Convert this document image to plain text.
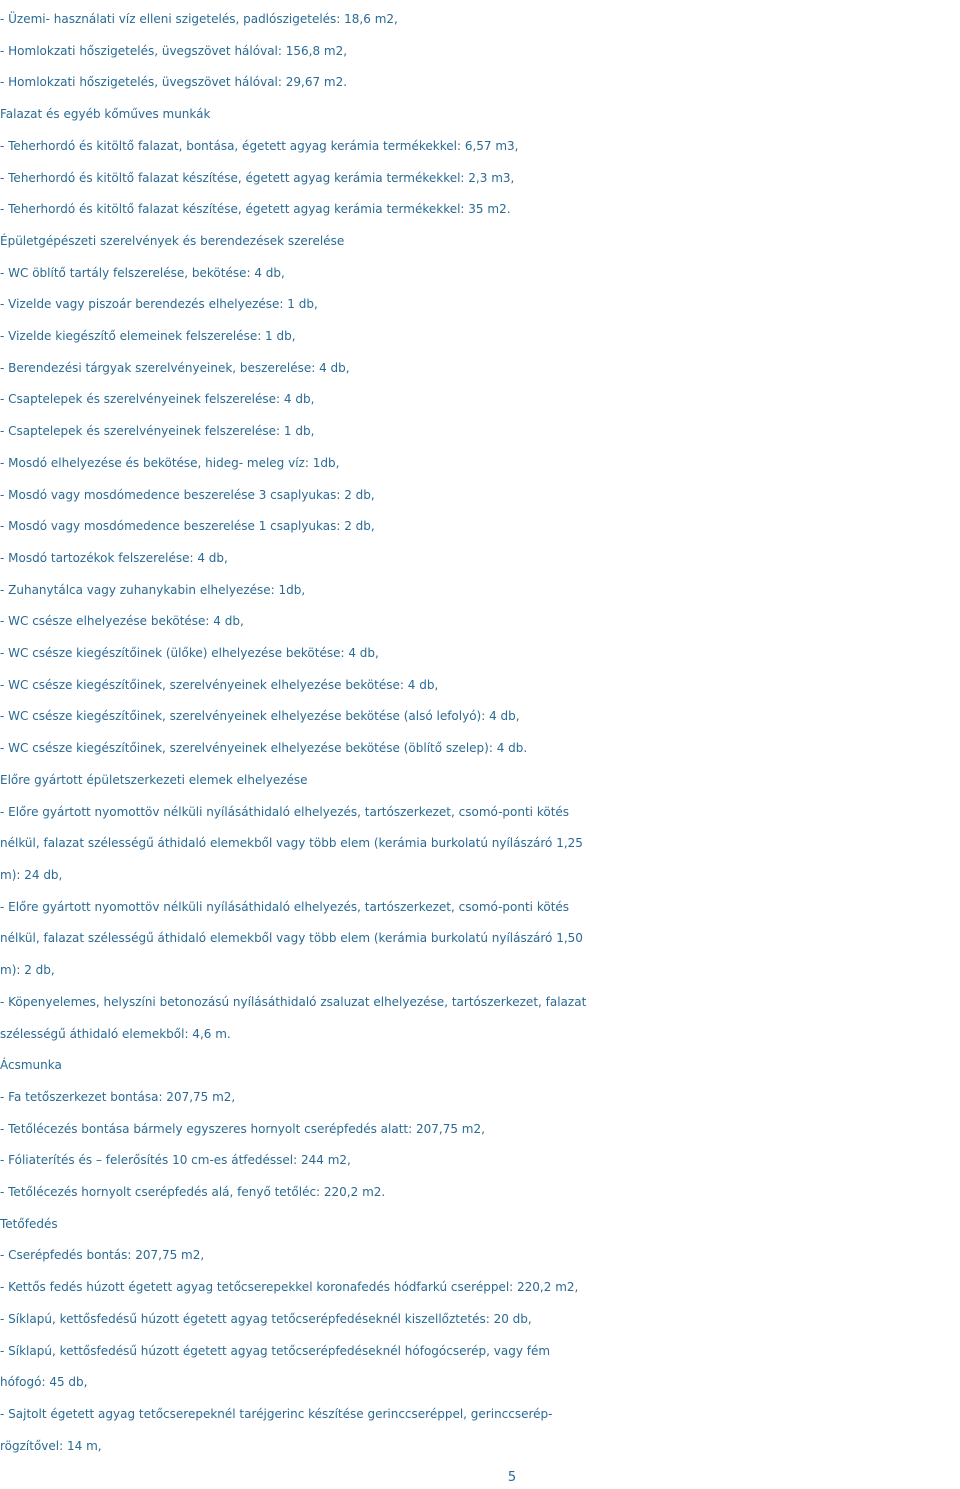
- Üzemi- használati víz elleni szigetelés, padlószigetelés: 18,6 m2,

- Homlokzati hőszigetelés, üvegszövet hálóval: 156,8 m2,

- Homlokzati hőszigetelés, üvegszövet hálóval: 29,67 m2.

Falazat és egyéb kőműves munkák

- Teherhordó és kitöltő falazat, bontása, égetett agyag kerámia termékekkel: 6,57 m3,

- Teherhordó és kitöltő falazat készítése, égetett agyag kerámia termékekkel: 2,3 m3,

- Teherhordó és kitöltő falazat készítése, égetett agyag kerámia termékekkel: 35 m2.

Épületgépészeti szerelvények és berendezések szerelése

- WC öblítő tartály felszerelése, bekötése: 4 db,

- Vizelde vagy piszoár berendezés elhelyezése: 1 db,

- Vizelde kiegészítő elemeinek felszerelése: 1 db,

- Berendezési tárgyak szerelvényeinek, beszerelése: 4 db,

- Csaptelepek és szerelvényeinek felszerelése: 4 db,

- Csaptelepek és szerelvényeinek felszerelése: 1 db,

- Mosdó elhelyezése és bekötése, hideg- meleg víz: 1db,

- Mosdó vagy mosdómedence beszerelése 3 csaplyukas: 2 db,

- Mosdó vagy mosdómedence beszerelése 1 csaplyukas: 2 db,

- Mosdó tartozékok felszerelése: 4 db,

- Zuhanytálca vagy zuhanykabin elhelyezése: 1db,

- WC csésze elhelyezése bekötése: 4 db,

- WC csésze kiegészítőinek (ülőke) elhelyezése bekötése: 4 db,

- WC csésze kiegészítőinek, szerelvényeinek elhelyezése bekötése: 4 db,

- WC csésze kiegészítőinek, szerelvényeinek elhelyezése bekötése (alsó lefolyó): 4 db,

- WC csésze kiegészítőinek, szerelvényeinek elhelyezése bekötése (öblítő szelep): 4 db.

Előre gyártott épületszerkezeti elemek elhelyezése

- Előre gyártott nyomottöv nélküli nyílásáthidaló elhelyezés, tartószerkezet, csomó-ponti kötés

nélkül, falazat szélességű áthidaló elemekből vagy több elem (kerámia burkolatú nyílászáró 1,25

m): 24 db,

- Előre gyártott nyomottöv nélküli nyílásáthidaló elhelyezés, tartószerkezet, csomó-ponti kötés

nélkül, falazat szélességű áthidaló elemekből vagy több elem (kerámia burkolatú nyílászáró 1,50

m): 2 db,

- Köpenyelemes, helyszíni betonozású nyílásáthidaló zsaluzat elhelyezése, tartószerkezet, falazat

szélességű áthidaló elemekből: 4,6 m.

Ácsmunka

- Fa tetőszerkezet bontása: 207,75 m2,

- Tetőlécezés bontása bármely egyszeres hornyolt cserépfedés alatt: 207,75 m2,

- Fóliaterítés és – felerősítés 10 cm-es átfedéssel: 244 m2,

- Tetőlécezés hornyolt cserépfedés alá, fenyő tetőléc: 220,2 m2.

Tetőfedés

- Cserépfedés bontás: 207,75 m2,

- Kettős fedés húzott égetett agyag tetőcserepekkel koronafedés hódfarkú cseréppel: 220,2 m2,

- Síklapú, kettősfedésű húzott égetett agyag tetőcserépfedéseknél kiszellőztetés: 20 db,

- Síklapú, kettősfedésű húzott égetett agyag tetőcserépfedéseknél hófogócserép, vagy fém

hófogó: 45 db,

- Sajtolt égetett agyag tetőcserepeknél taréjgerinc készítése gerinccseréppel, gerinccserép-

rögzítővel: 14 m,

5
